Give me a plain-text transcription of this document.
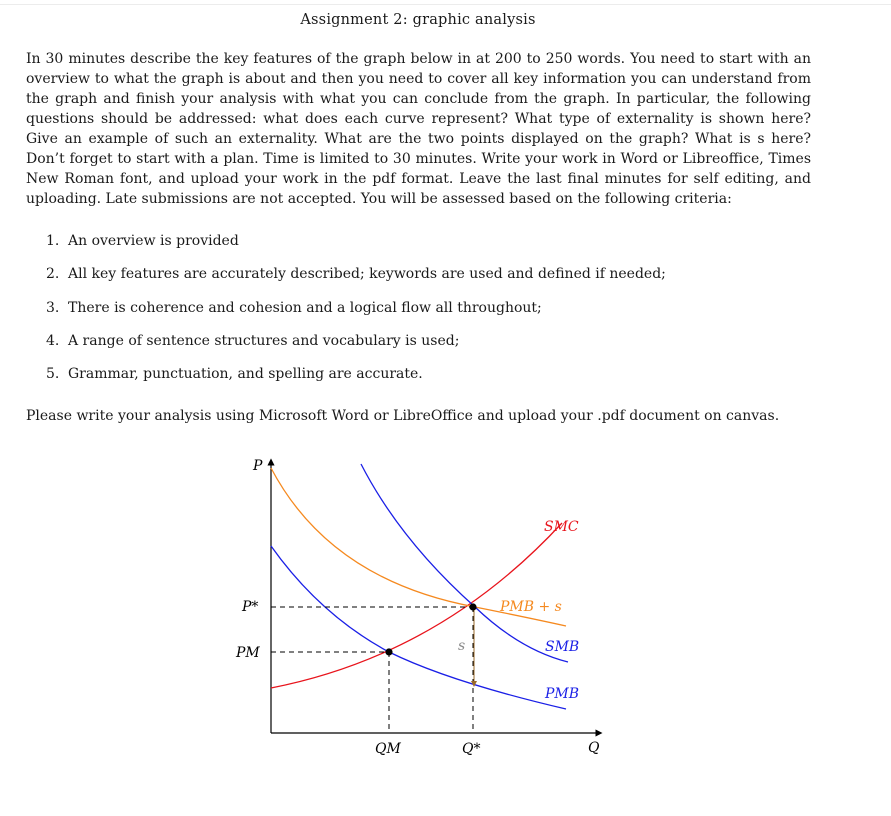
Assignment 2: graphic analysis

In 30 minutes describe the key features of the graph below in at 200 to 250 words. You need to start with an overview to what the graph is about and then you need to cover all key information you can understand from the graph and finish your analysis with what you can conclude from the graph. In particular, the following questions should be addressed: what does each curve represent? What type of externality is shown here? Give an example of such an externality. What are the two points displayed on the graph? What is s here? Don’t forget to start with a plan. Time is limited to 30 minutes. Write your work in Word or Libreoffice, Times New Roman font, and upload your work in the pdf format. Leave the last final minutes for self editing, and uploading. Late submissions are not accepted. You will be assessed based on the following criteria:

1. An overview is provided
2. All key features are accurately described; keywords are used and defined if needed;
3. There is coherence and cohesion and a logical flow all throughout;
4. A range of sentence structures and vocabulary is used;
5. Grammar, punctuation, and spelling are accurate.

Please write your analysis using Microsoft Word or LibreOffice and upload your .pdf document on canvas.

P
Q
SMC
PMB + s
SMB
PMB
P*
PM
QM	Q*
s
